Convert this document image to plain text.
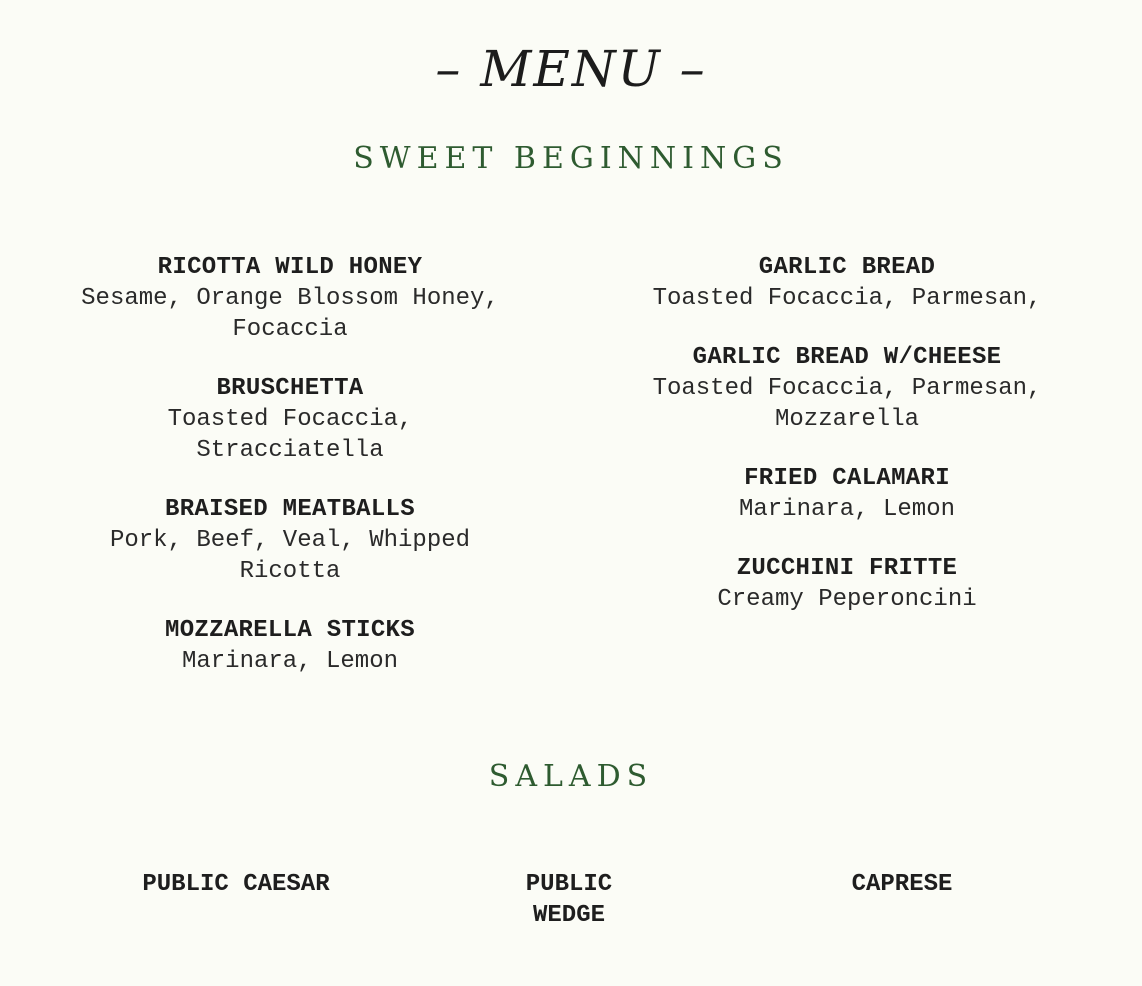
– MENU –
SWEET BEGINNINGS
RICOTTA WILD HONEY
Sesame, Orange Blossom Honey, Focaccia
BRUSCHETTA
Toasted Focaccia, Stracciatella
BRAISED MEATBALLS
Pork, Beef, Veal, Whipped Ricotta
MOZZARELLA STICKS
Marinara, Lemon
GARLIC BREAD
Toasted Focaccia, Parmesan,
GARLIC BREAD W/CHEESE
Toasted Focaccia, Parmesan, Mozzarella
FRIED CALAMARI
Marinara, Lemon
ZUCCHINI FRITTE
Creamy Peperoncini
SALADS
PUBLIC CAESAR	PUBLIC WEDGE
CAPRESE
